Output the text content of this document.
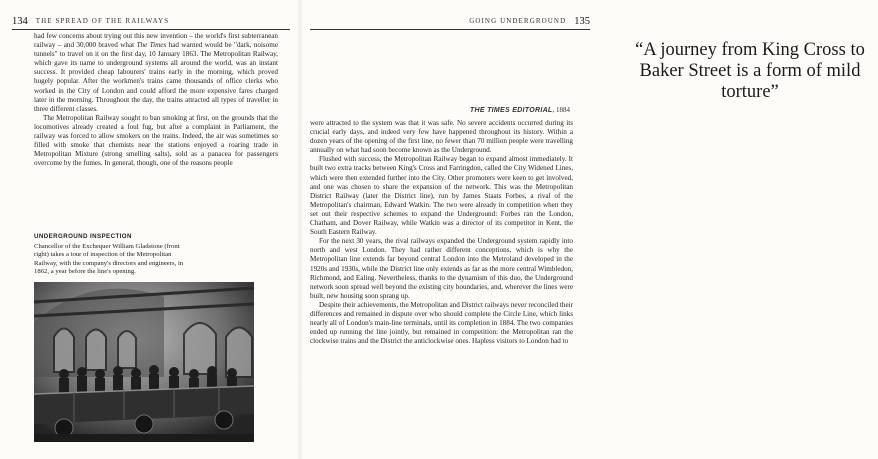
134 THE SPREAD OF THE RAILWAYS

had few concerns about trying out this new invention – the world's first subterranean railway – and 30,000 braved what The Times had warned would be "dark, noisome tunnels" to travel on it on the first day, 10 January 1863. The Metropolitan Railway, which gave its name to underground systems all around the world, was an instant success. It provided cheap labourers' trains early in the morning, which proved hugely popular. After the workmen's trains came thousands of office clerks who worked in the City of London and could afford the more expensive fares charged later in the morning. Throughout the day, the trains attracted all types of traveller in three different classes.

The Metropolitan Railway sought to ban smoking at first, on the grounds that the locomotives already created a foul fug, but after a complaint in Parliament, the railway was forced to allow smokers on the trains. Indeed, the air was sometimes so filled with smoke that chemists near the stations enjoyed a roaring trade in Metropolitan Mixture (strong smelling salts), sold as a panacea for passengers overcome by the fumes. In general, though, one of the reasons people

UNDERGROUND INSPECTION
Chancellor of the Exchequer William Gladstone (front right) takes a tour of inspection of the Metropolitan Railway, with the company's directors and engineers, in 1862, a year before the line's opening.
GOING UNDERGROUND 135
“A journey from King Cross to Baker Street is a form of mild torture”
THE TIMES EDITORIAL, 1884

were attracted to the system was that it was safe. No severe accidents occurred during its crucial early days, and indeed very few have happened throughout its history. Within a dozen years of the opening of the first line, no fewer than 70 million people were travelling annually on what had soon become known as the Underground.

Flushed with success, the Metropolitan Railway began to expand almost immediately. It built two extra tracks between King's Cross and Farringdon, called the City Widened Lines, which were then extended further into the City. Other promoters were keen to get involved, and one was chosen to share the expansion of the network. This was the Metropolitan District Railway (later the District line), run by James Staats Forbes, a rival of the Metropolitan's chairman, Edward Watkin. The two were already in competition when they set out their respective schemes to expand the Underground: Forbes ran the London, Chatham, and Dover Railway, while Watkin was a director of its competitor in Kent, the South Eastern Railway.

For the next 30 years, the rival railways expanded the Underground system rapidly into north and west London. They had rather different conceptions, which is why the Metropolitan line extends far beyond central London into the Metroland developed in the 1920s and 1930s, while the District line only extends as far as the more central Wimbledon, Richmond, and Ealing. Nevertheless, thanks to the dynamism of this duo, the Underground network soon spread well beyond the existing city boundaries, and, wherever the lines were built, new housing soon sprang up.

Despite their achievements, the Metropolitan and District railways never reconciled their differences and remained in dispute over who should complete the Circle Line, which links nearly all of London's main-line terminals, until its completion in 1884. The two companies ended up running the line jointly, but remained in competition: the Metropolitan ran the clockwise trains and the District the anticlockwise ones. Hapless visitors to London had to
